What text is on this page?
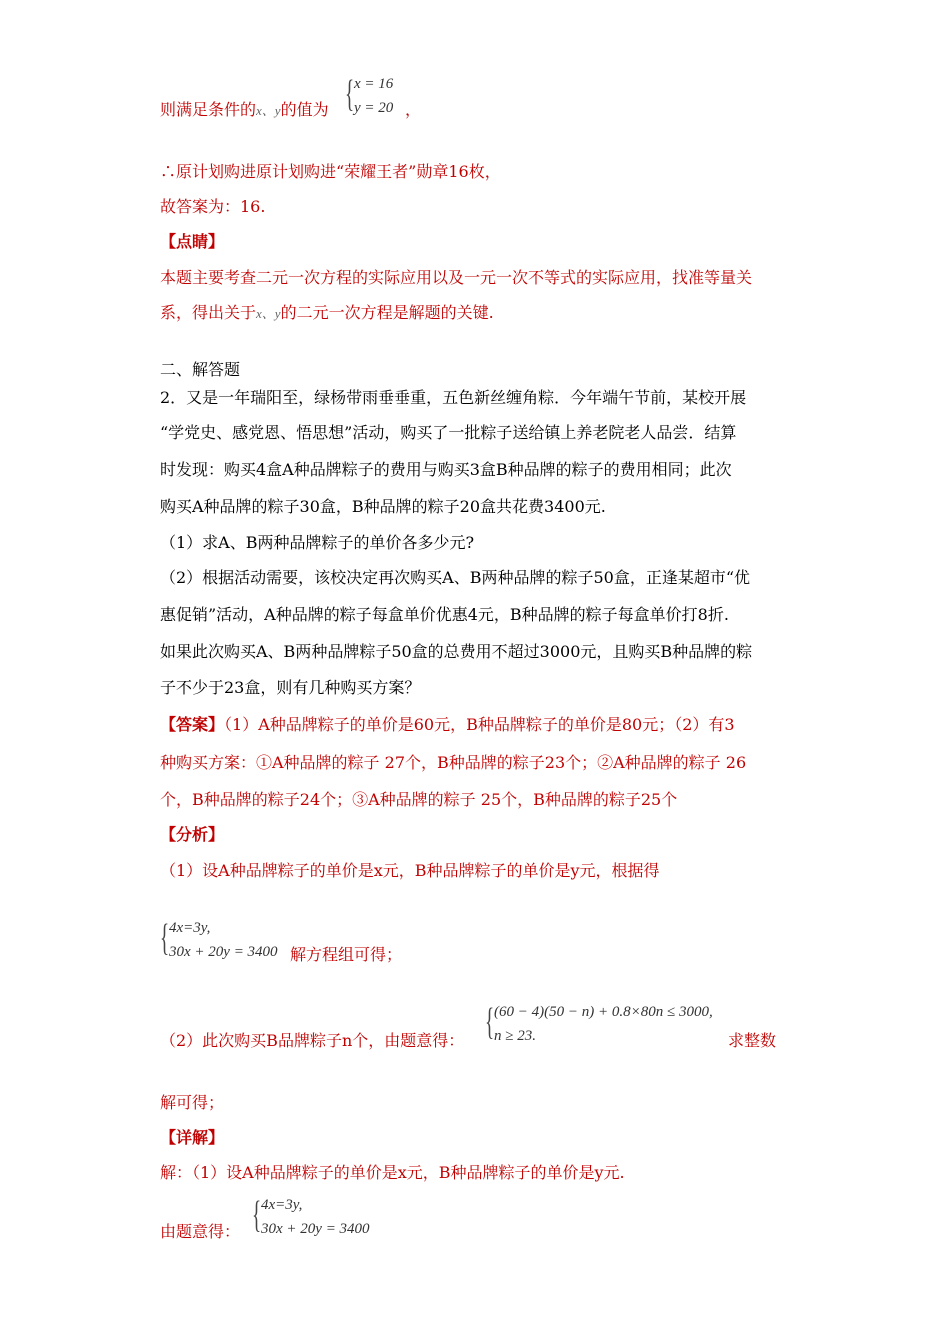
则满足条件的x、y的值为 { x = 16
y = 20 ，
∴原计划购进原计划购进“荣耀王者”勋章16枚，
故答案为：16.
【点睛】
本题主要考查二元一次方程的实际应用以及一元一次不等式的实际应用，找准等量关
系，得出关于x、y的二元一次方程是解题的关键.
二、解答题
2．又是一年瑞阳至，绿杨带雨垂垂重，五色新丝缠角粽．今年端午节前，某校开展
“学党史、感党恩、悟思想”活动，购买了一批粽子送给镇上养老院老人品尝．结算
时发现：购买4盒A种品牌粽子的费用与购买3盒B种品牌的粽子的费用相同；此次
购买A种品牌的粽子30盒，B种品牌的粽子20盒共花费3400元.
（1）求A、B两种品牌粽子的单价各多少元?
（2）根据活动需要，该校决定再次购买A、B两种品牌的粽子50盒，正逢某超市“优
惠促销”活动，A种品牌的粽子每盒单价优惠4元，B种品牌的粽子每盒单价打8折.
如果此次购买A、B两种品牌粽子50盒的总费用不超过3000元，且购买B种品牌的粽
子不少于23盒，则有几种购买方案？
【答案】（1）A种品牌粽子的单价是60元，B种品牌粽子的单价是80元；（2）有3
种购买方案：①A种品牌的粽子 27个，B种品牌的粽子23个；②A种品牌的粽子 26
个，B种品牌的粽子24个；③A种品牌的粽子 25个，B种品牌的粽子25个
【分析】
（1）设A种品牌粽子的单价是x元，B种品牌粽子的单价是y元，根据得
{ 4x=3y,
30x + 20y = 3400 解方程组可得；
（2）此次购买B品牌粽子n个，由题意得： { (60 − 4)(50 − n) + 0.8×80n ≤ 3000,
n ≥ 23.	求整数
解可得；
【详解】
解：（1）设A种品牌粽子的单价是x元，B种品牌粽子的单价是y元.
由题意得： { 4x=3y,
30x + 20y = 3400
